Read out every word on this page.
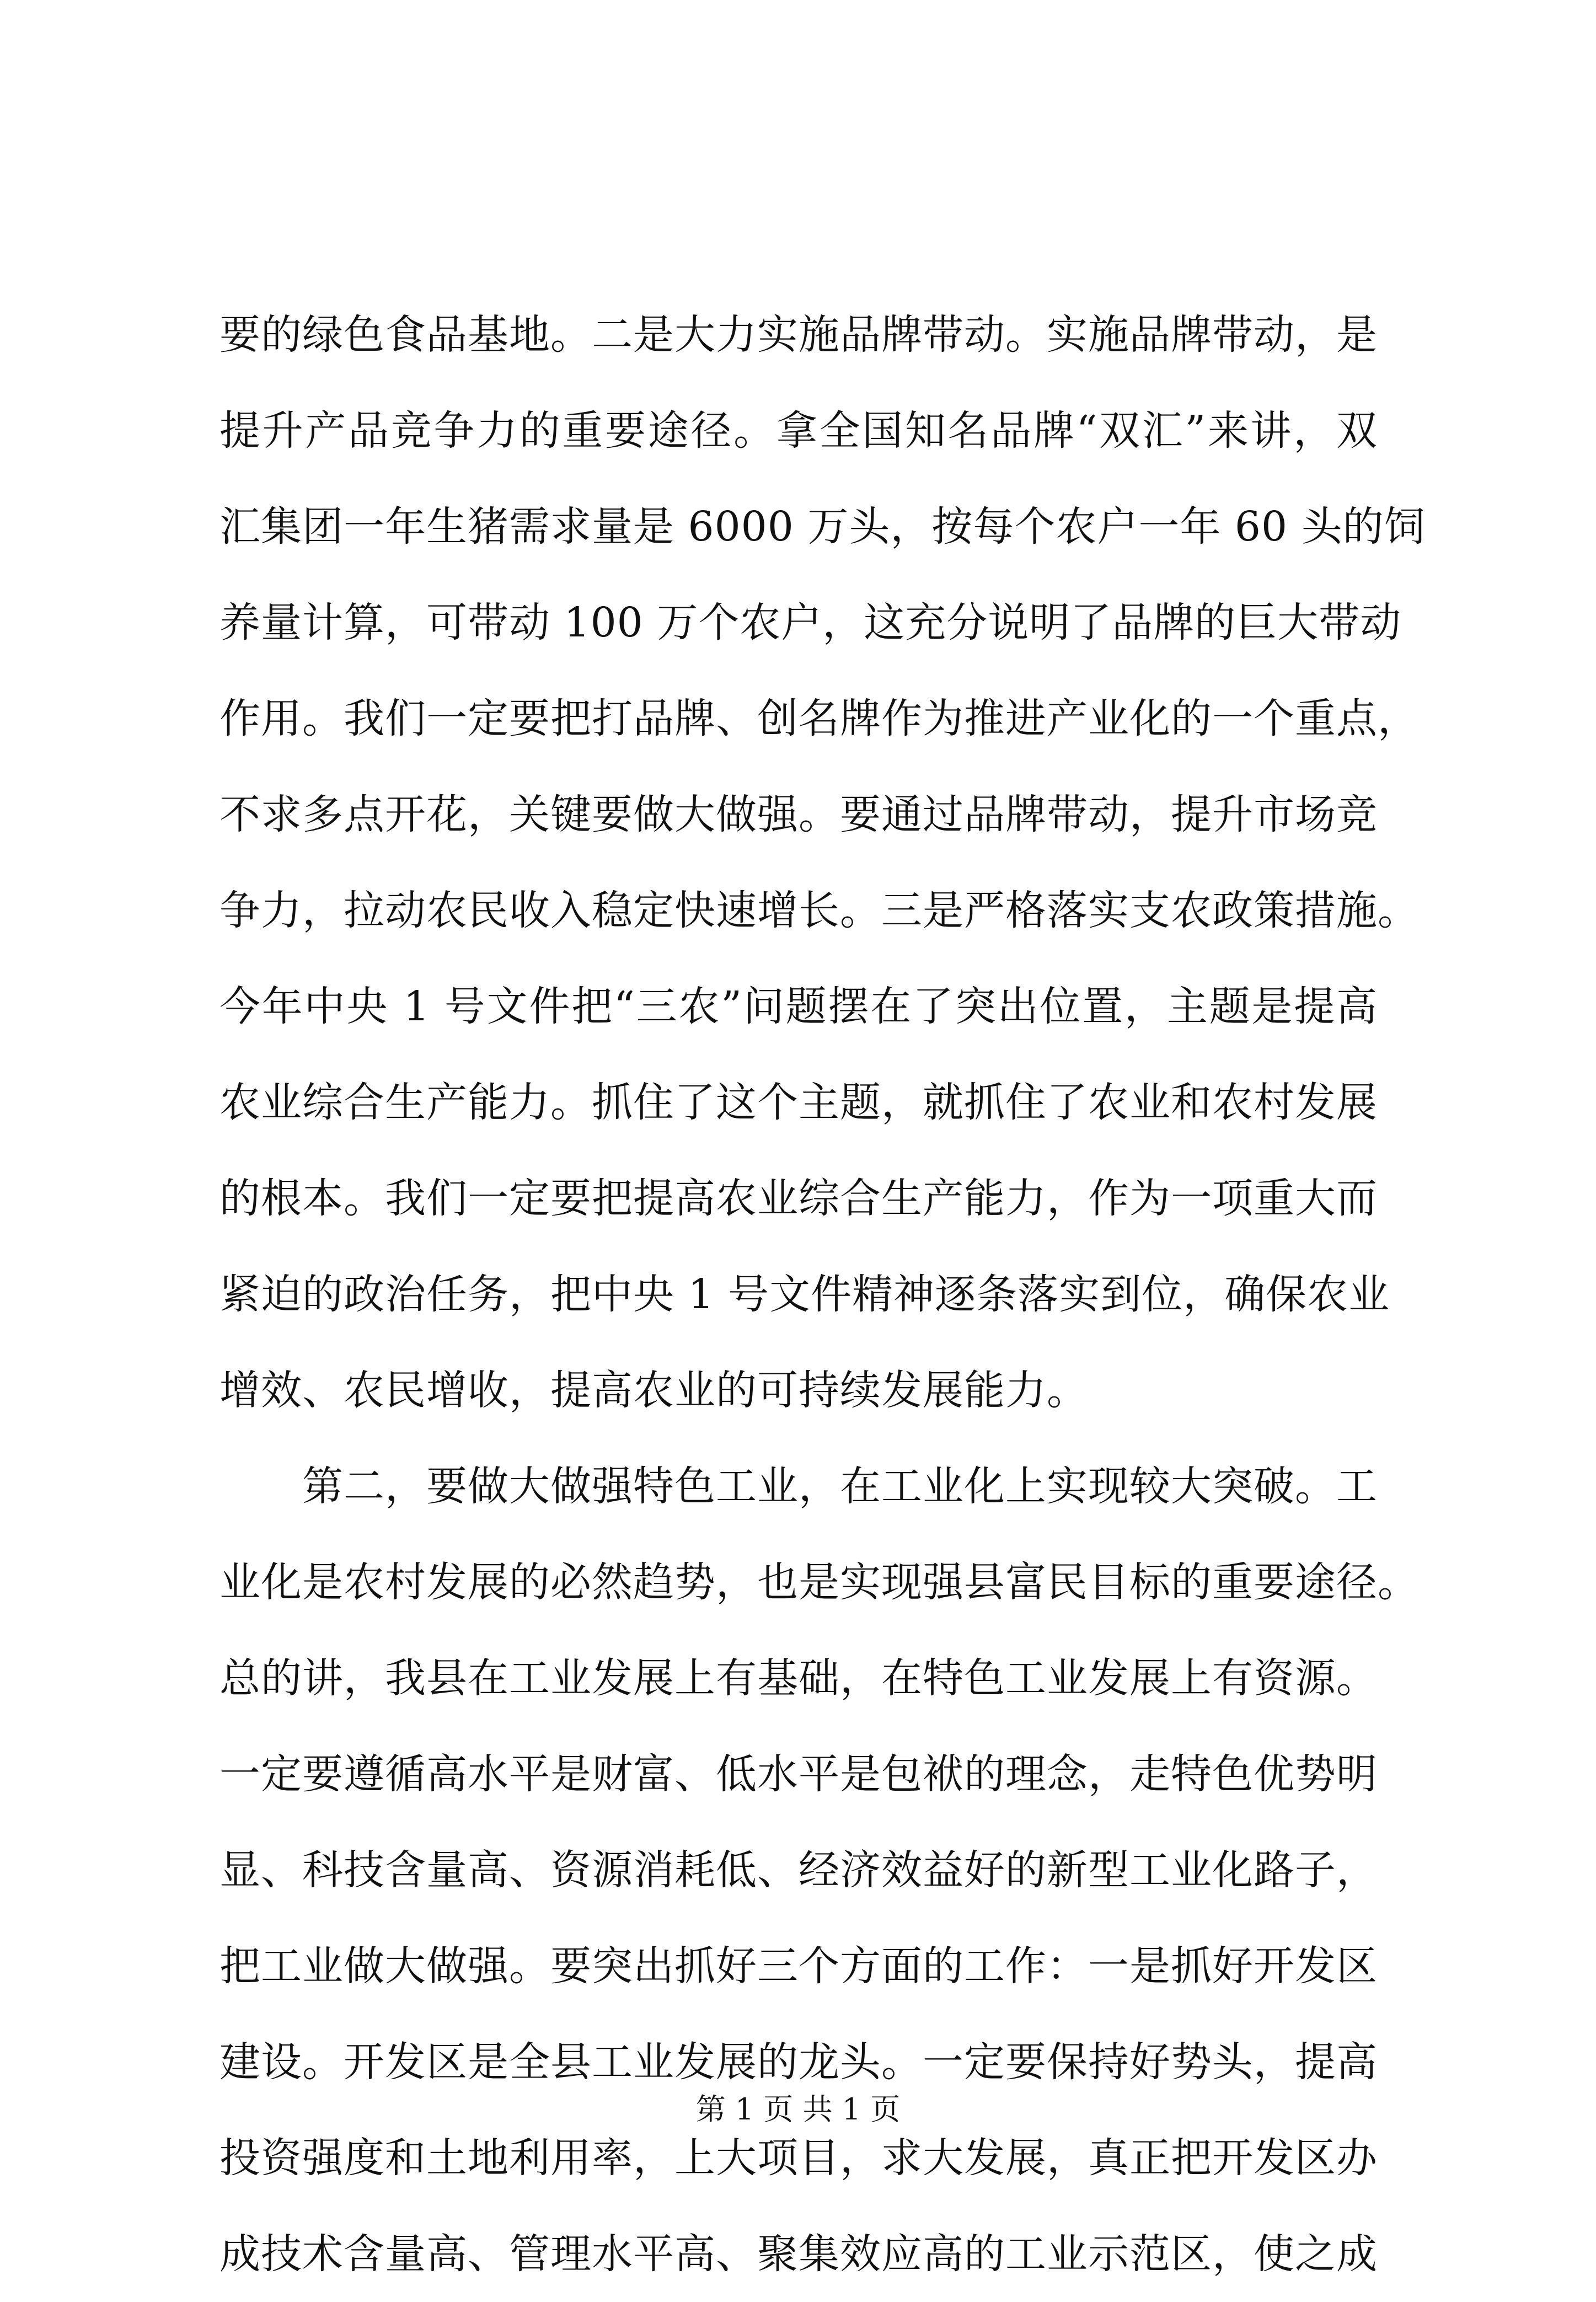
要的绿色食品基地。二是大力实施品牌带动。实施品牌带动，是
提升产品竞争力的重要途径。拿全国知名品牌“双汇”来讲，双
汇集团一年生猪需求量是 6000 万头，按每个农户一年 60 头的饲
养量计算，可带动 100 万个农户，这充分说明了品牌的巨大带动
作用。我们一定要把打品牌、创名牌作为推进产业化的一个重点，
不求多点开花，关键要做大做强。要通过品牌带动，提升市场竞
争力，拉动农民收入稳定快速增长。三是严格落实支农政策措施。
今年中央 1 号文件把“三农”问题摆在了突出位置，主题是提高
农业综合生产能力。抓住了这个主题，就抓住了农业和农村发展
的根本。我们一定要把提高农业综合生产能力，作为一项重大而
紧迫的政治任务，把中央 1 号文件精神逐条落实到位，确保农业
增效、农民增收，提高农业的可持续发展能力。
第二，要做大做强特色工业，在工业化上实现较大突破。工
业化是农村发展的必然趋势，也是实现强县富民目标的重要途径。
总的讲，我县在工业发展上有基础，在特色工业发展上有资源。
一定要遵循高水平是财富、低水平是包袱的理念，走特色优势明
显、科技含量高、资源消耗低、经济效益好的新型工业化路子，
把工业做大做强。要突出抓好三个方面的工作：一是抓好开发区
建设。开发区是全县工业发展的龙头。一定要保持好势头，提高
投资强度和土地利用率，上大项目，求大发展，真正把开发区办
成技术含量高、管理水平高、聚集效应高的工业示范区，使之成
第 1 页 共 1 页
